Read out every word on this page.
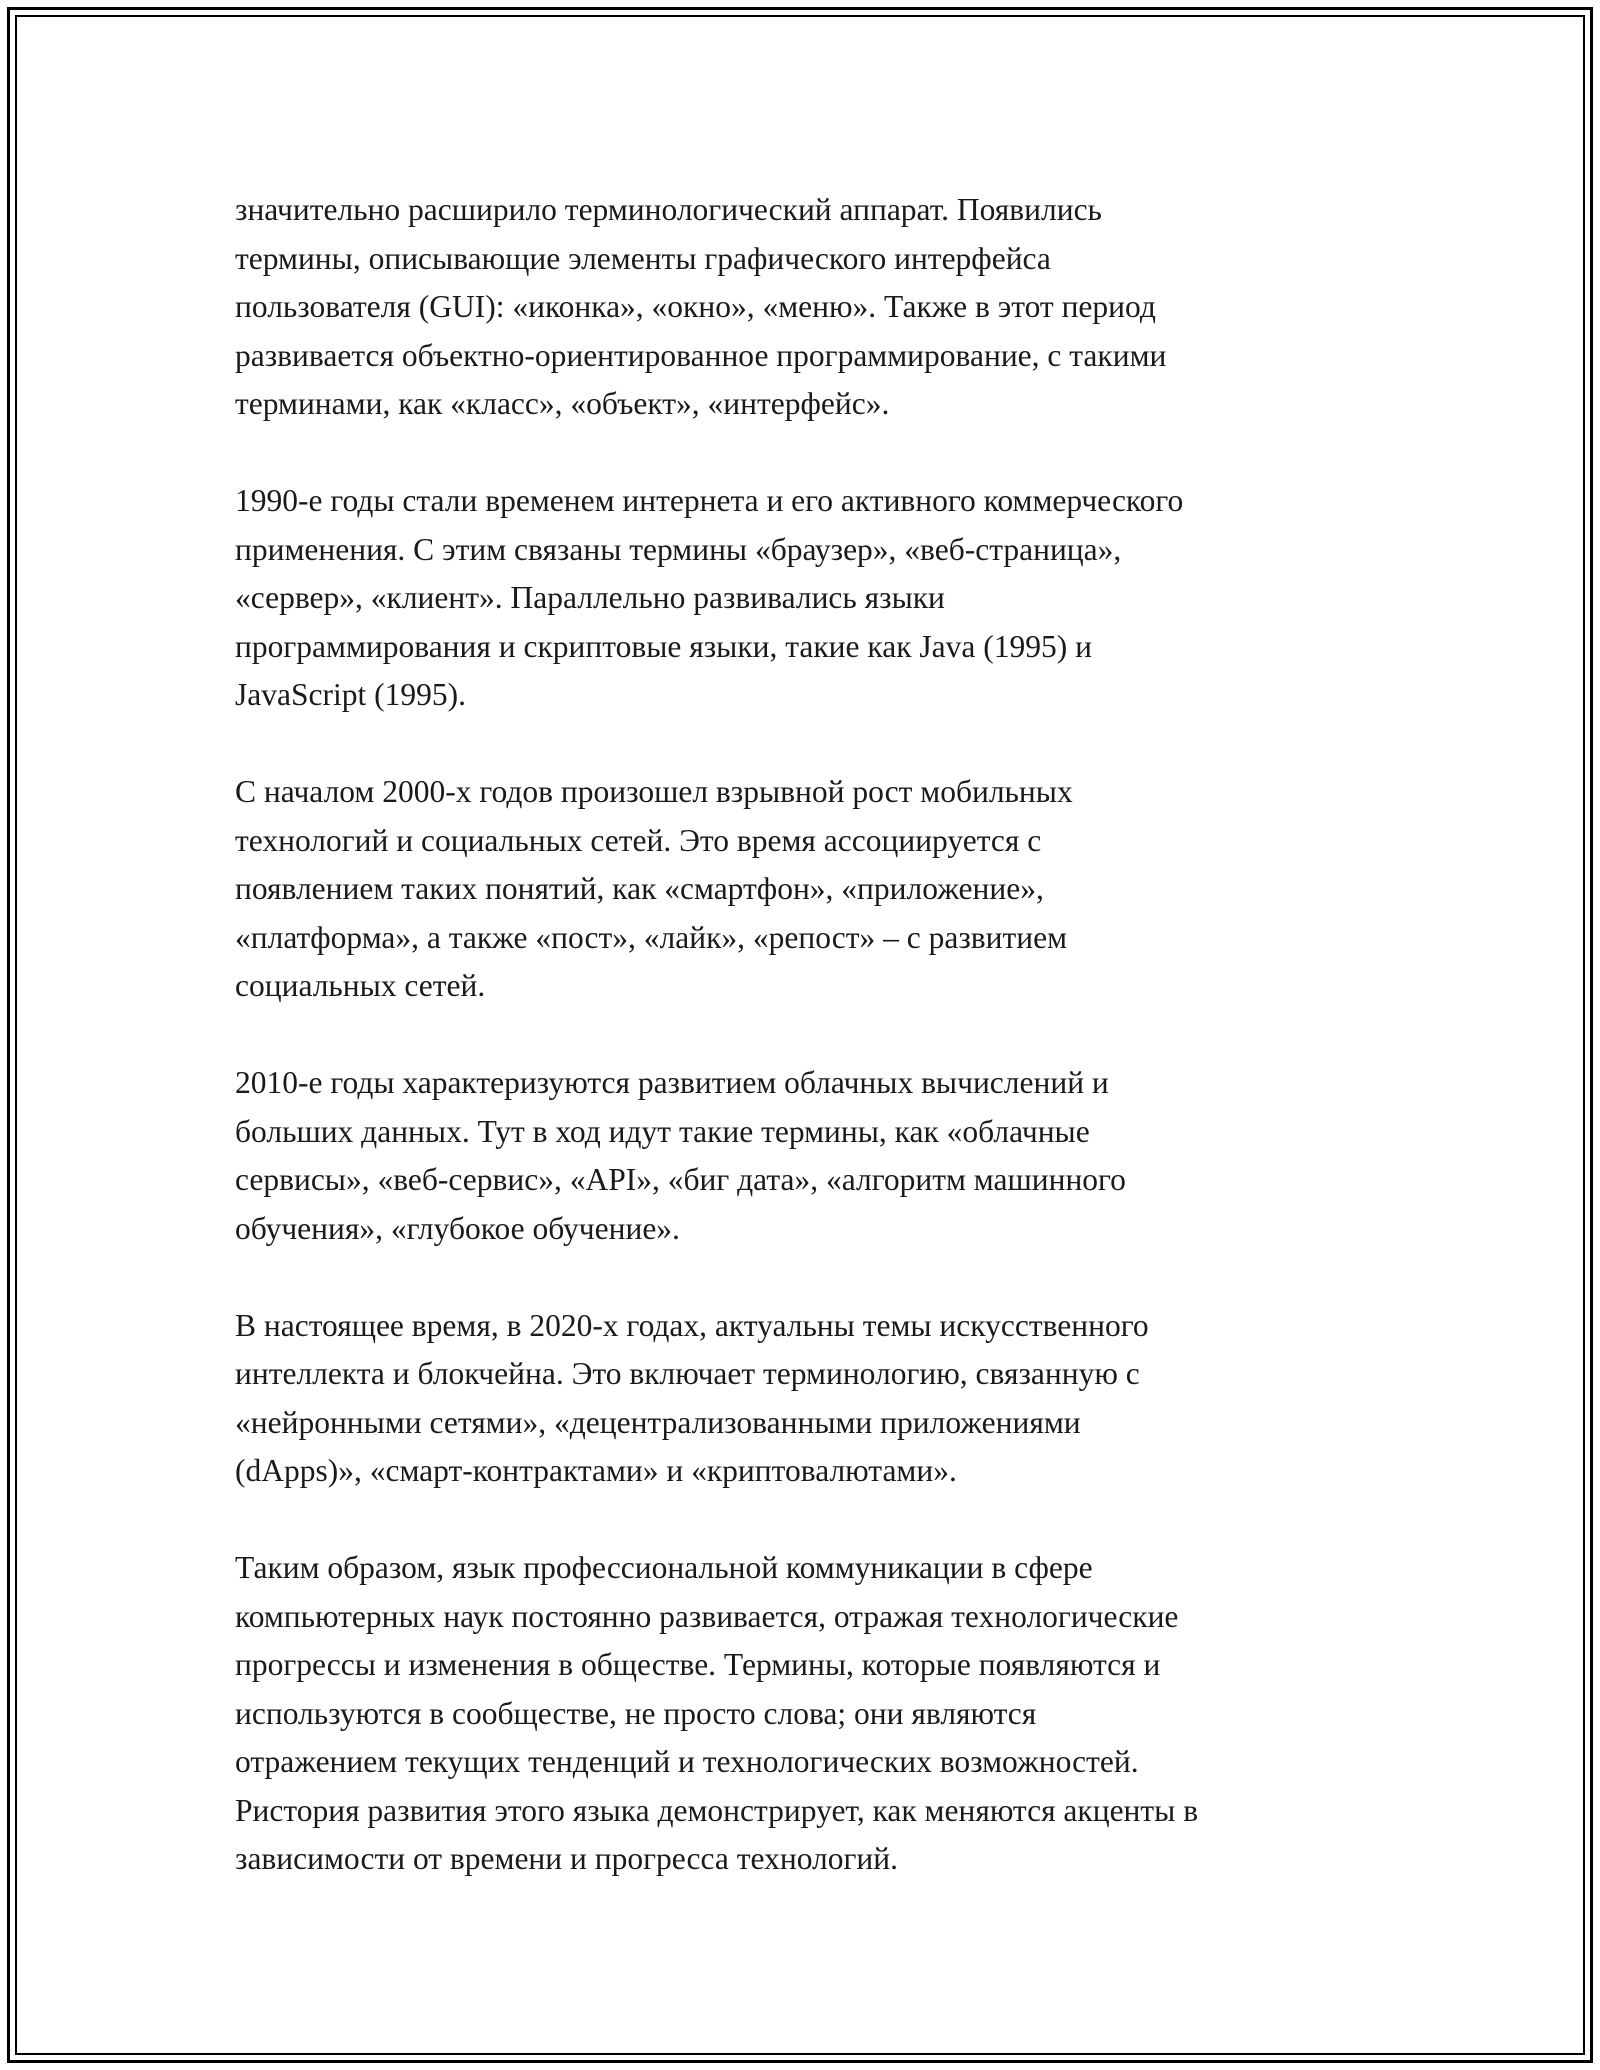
значительно расширило терминологический аппарат. Появились
термины, описывающие элементы графического интерфейса
пользователя (GUI): «иконка», «окно», «меню». Также в этот период
развивается объектно-ориентированное программирование, с такими
терминами, как «класс», «объект», «интерфейс».

1990-е годы стали временем интернета и его активного коммерческого
применения. С этим связаны термины «браузер», «веб-страница»,
«сервер», «клиент». Параллельно развивались языки
программирования и скриптовые языки, такие как Java (1995) и
JavaScript (1995).

С началом 2000-х годов произошел взрывной рост мобильных
технологий и социальных сетей. Это время ассоциируется с
появлением таких понятий, как «смартфон», «приложение»,
«платформа», а также «пост», «лайк», «репост» – с развитием
социальных сетей.

2010-е годы характеризуются развитием облачных вычислений и
больших данных. Тут в ход идут такие термины, как «облачные
сервисы», «веб-сервис», «API», «биг дата», «алгоритм машинного
обучения», «глубокое обучение».

В настоящее время, в 2020-х годах, актуальны темы искусственного
интеллекта и блокчейна. Это включает терминологию, связанную с
«нейронными сетями», «децентрализованными приложениями
(dApps)», «смарт-контрактами» и «криптовалютами».

Таким образом, язык профессиональной коммуникации в сфере
компьютерных наук постоянно развивается, отражая технологические
прогрессы и изменения в обществе. Термины, которые появляются и
используются в сообществе, не просто слова; они являются
отражением текущих тенденций и технологических возможностей.
Ристория развития этого языка демонстрирует, как меняются акценты в
зависимости от времени и прогресса технологий.
